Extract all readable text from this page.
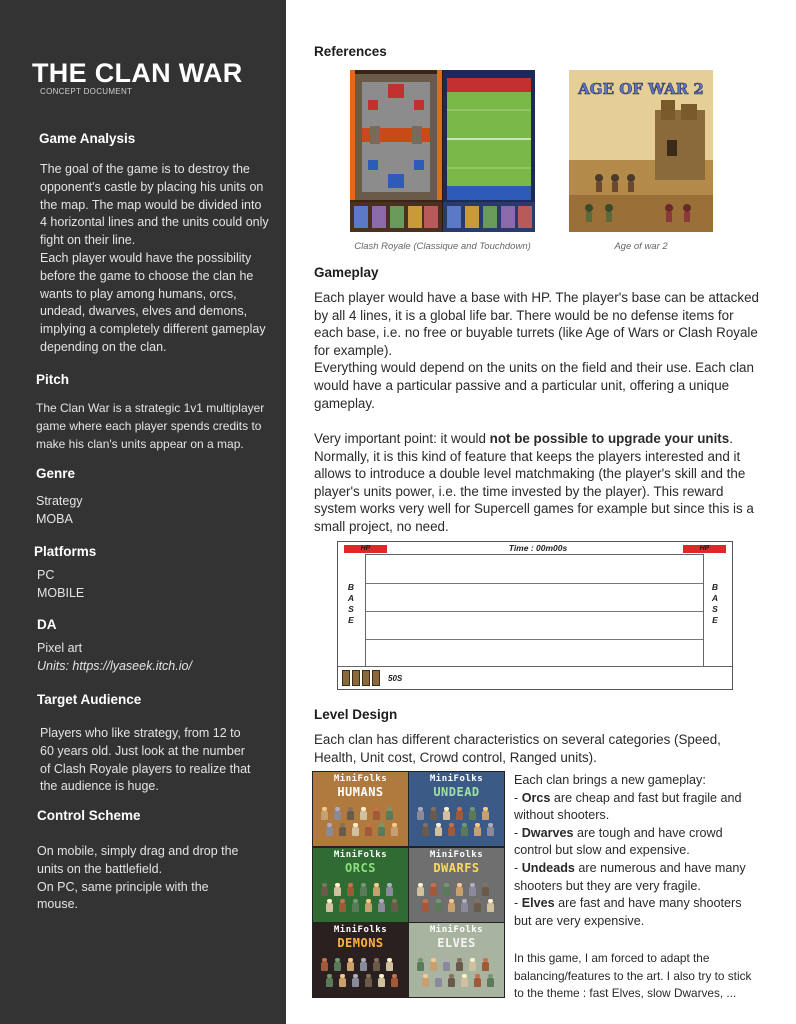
THE CLAN WAR
CONCEPT DOCUMENT
Game Analysis

The goal of the game is to destroy the
opponent's castle by placing his units on
the map. The map would be divided into
4 horizontal lines and the units could only
fight on their line.
Each player would have the possibility
before the game to choose the clan he
wants to play among humans, orcs,
undead, dwarves, elves and demons,
implying a completely different gameplay
depending on the clan.

Pitch

The Clan War is a strategic 1v1 multiplayer
game where each player spends credits to
make his clan's units appear on a map.

Genre

Strategy
MOBA

Platforms

PC
MOBILE

DA

Pixel art
Units: https://lyaseek.itch.io/

Target Audience

Players who like strategy, from 12 to
60 years old. Just look at the number
of Clash Royale players to realize that
the audience is huge.

Control Scheme

On mobile, simply drag and drop the
units on the battlefield.
On PC, same principle with the
mouse.

References
AGE OF WAR 2
Clash Royale (Classique and Touchdown)	Age of war 2
Gameplay

Each player would have a base with HP. The player's base can be attacked
by all 4 lines, it is a global life bar. There would be no defense items for
each base, i.e. no free or buyable turrets (like Age of Wars or Clash Royale
for example).
Everything would depend on the units on the field and their use. Each clan
would have a particular passive and a particular unit, offering a unique
gameplay.

Very important point: it would not be possible to upgrade your units.
Normally, it is this kind of feature that keeps the players interested and it
allows to introduce a double level matchmaking (the player's skill and the
player's units power, i.e. the time invested by the player). This reward
system works very well for Supercell games for example but since this is a
small project, no need.

HP	Time : 00m00s	HP
B
A
S
E
B
A
S
E
50S
Level Design

Each clan has different characteristics on several categories (Speed,
Health, Unit cost, Crowd control, Ranged units).

MiniFolks
HUMANS
MiniFolks
UNDEAD
MiniFolks
ORCS
MiniFolks
DWARFS
MiniFolks
DEMONS
MiniFolks
ELVES

Each clan brings a new gameplay:
- Orcs are cheap and fast but fragile and
without shooters.
- Dwarves are tough and have crowd
control but slow and expensive.
- Undeads are numerous and have many
shooters but they are very fragile.
- Elves are fast and have many shooters
but are very expensive.

In this game, I am forced to adapt the
balancing/features to the art. I also try to stick
to the theme : fast Elves, slow Dwarves, ...
